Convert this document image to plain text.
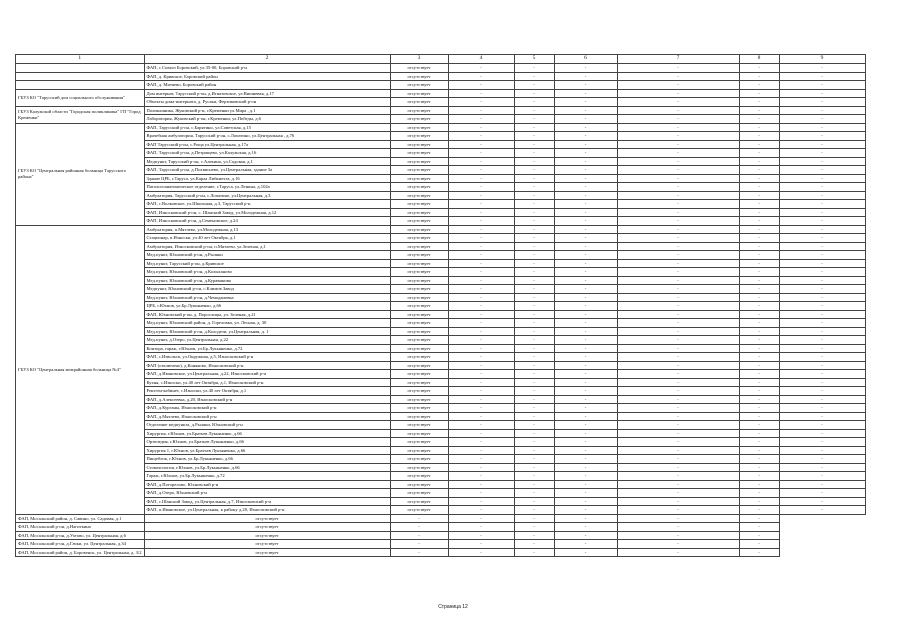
1	2	3	4	5	6	7	8	9
	ФАП, с.Совхоз Боровский, ул.35-00, Боровский р-н	отсутствует	-	-	-	-	-	-
	ФАП, д. Кривское, Боровский район	отсутствует	-	-	-	-	-	-
	ФАП, д. Митяево, Боровский район	отсутствует	-	-	-	-	-	-
ГБУЗ КО "Тарусский дом социального обслуживания"	Дом интернат, Тарусский р-он, д.Игнатовское, ул.Вишневая, д.17	отсутствует	-	-	-	-	-	-
	Объекты дома-интерната, д. Русаки, Ферзиковский р-он	отсутствует	-	-	-	-	-	-
ГБУЗ Калужской области "Городская поликлиника" ГП "Город Кременки"	Поликлиника, Жуковский р-н, г.Кременки ул.Мира , д.1	отсутствует	-	-	-	-	-	-
	Лаборатория, Жуковский р-он, г.Кременки, ул.Победы, д.6	отсутствует	-	-	-	-	-	-
ГБУЗ КО "Центральная районная больница Тарусского района"	ФАП, Тарусский р-он, с.Барятино, ул.Советская, д.15	отсутствует	-	-	-	-	-	-
	Врачебная амбулатория, Тарусский р-он, с.Лопатино, ул.Центральная , д.76	отсутствует	-	-	-	-	-	-
	ФАП Тарусский р-он, с.Роща ул.Центральная, д.17а	отсутствует	-	-	-	-	-	-
	ФАП, Тарусский р-он, д.Петрищево, ул.Калужская, д.16	отсутствует	-	-	-	-	-	-
	Медпункт, Тарусский р-он, с.Алекино, ул.Садовая, д.1	отсутствует	-	-	-	-	-	-
	ФАП, Тарусский р-он, д.Похвиснево, ул.Центральная, здание 3а	отсутствует	-	-	-	-	-	-
	Здание ЦРБ, г.Таруса, ул.Карла Либкнехта, д.16	отсутствует	-	-	-	-	-	-
	Патологоанатомическое отделение, г.Таруса, ул.Ленина, д.102а	отсутствует	-	-	-	-	-	-
	Амбулатория, Тарусский р-он, с.Лопатино, ул.Центральная, д.3	отсутствует	-	-	-	-	-	-
	ФАП, с.Волковское, ул.Школьная, д.3, Тарусский р-н	отсутствует	-	-	-	-	-	-
	ФАП, Износковский р-он, с. Шанский Завод, ул.Молодежная, д.12	отсутствует	-	-	-	-	-	-
	ФАП, Износковский р-он, д.Семеновское, д.24	отсутствует	-	-	-	-	-	-
ГБУЗ КО "Центральная межрайонная больница №4"	Амбулатория, п.Мятлево, ул.Молодежная, д.13	отсутствует	-	-	-	-	-	-
	Стационар, п.Износки, ул.40 лет Октября, д.1	отсутствует	-	-	-	-	-	-
	Амбулатория, Износковский р-он, п.Мятлево, ул.Зеленая, д.1	отсутствует	-	-	-	-	-	-
	Мед.пункт, Юхновский р-он, д.Рыляки	отсутствует	-	-	-	-	-	-
	Мед.пункт, Тарусский р-он, д.Кривское	отсутствует	-	-	-	-	-	-
	Мед.пункт, Юхновский р-он, д.Колыханово	отсутствует	-	-	-	-	-	-
	Мед.пункт, Юхновский р-он, д.Куравиново	отсутствует	-	-	-	-	-	-
	Медпункт, Юхновский р-он, с.Климов Завод	отсутствует	-	-	-	-	-	-
	Мед.пункт, Юхновский р-он, д.Чемодановка	отсутствует	-	-	-	-	-	-
	ЦРБ, г.Юхнов, ул.Бр.Лукьяненко, д.66	отсутствует	-	-	-	-	-	-
	ФАП, Юхновский р-он, д. Порослицы, ул. Зеленая, д.21	отсутствует	-	-	-	-	-	-
	Мед.пункт, Юхновский район, д. Гореловка, ул. Лесная, д. 30	отсутствует	-	-	-	-	-	-
	Мед.пункт, Юхновский р-он, д.Колодези, ул.Центральная, д. 1	отсутствует	-	-	-	-	-	-
	Мед.пункт, д.Озеро, ул.Центральная, д.22	отсутствует	-	-	-	-	-	-
	Контора, гараж, г.Юхнов, ул.Бр.Лукьяненко, д.72	отсутствует	-	-	-	-	-	-
	ФАП, с.Извольск, ул.Окружная, д.5, Износковский р-н	отсутствует	-	-	-	-	-	-
	ФАП (отключено), д.Коняково, Износковский р-н	отсутствует	-	-	-	-	-	-
	ФАП, д.Ивановское, ул.Центральная, д.22, Износковский р-н	отсутствует	-	-	-	-	-	-
	Кухня, с.Износки, ул.40 лет Октября, д.1, Износковский р-н	отсутствует	-	-	-	-	-	-
	Рентген-кабинет, с.Износки, ул.40 лет Октября, д.1	отсутствует	-	-	-	-	-	-
	ФАП, д.Алексеевка, д.20, Износковский р-н	отсутствует	-	-	-	-	-	-
	ФАП, д.Курганы, Износковский р-н	отсутствует	-	-	-	-	-	-
	ФАП, д.Мятлево, Износковский р-н	отсутствует	-	-	-	-	-	-
	Отделение медпункта, д.Рыляки, Юхновский р-н	отсутствует	-	-	-	-	-	-
	Хирургия, г.Юхнов, ул.Братьев Лукьяненко, д.66	отсутствует	-	-	-	-	-	-
	Ортопедия, г.Юхнов, ул.Братьев Лукьяненко, д.66	отсутствует	-	-	-	-	-	-
	Хирургия 1, г.Юхнов, ул.Братьев Лукьяненко, д.66	отсутствует	-	-	-	-	-	-
	Пищеблок, г.Юхнов, ул.Бр.Лукьяненко, д.66	отсутствует	-	-	-	-	-	-
	Стоматология, г.Юхнов, ул.Бр.Лукьяненко, д.66	отсутствует	-	-	-	-	-	-
	Гараж, г.Юхнов, ул.Бр.Лукьяненко, д.72	отсутствует	-	-	-	-	-	-
	ФАП, д.Погорелово, Юхновский р-н	отсутствует	-	-	-	-	-	-
	ФАП, д.Озеро, Юхновский р-н	отсутствует	-	-	-	-	-	-
	ФАП, с.Шанский Завод, ул.Центральная, д.7, Износковский р-н	отсутствует	-	-	-	-	-	-
	ФАП, п.Ивановское, ул.Центральная, к району д.20, Износковский р-н	отсутствует	-	-	-	-	-	-
ФАП, Мосальский район, д. Савино, ул. Садовая, д.1	отсутствует	-	-	-	-	-	-	
ФАП, Мосальский р-он, д.Нагиткино	отсутствует	-	-	-	-	-	-	
ФАП, Мосальский р-он, д.Ухтово, ул. Центральная, д.6	отсутствует	-	-	-	-	-	-	
ФАП, Мосальский р-он, д.Гачки, ул. Центральная, д.34	отсутствует	-	-	-	-	-	-	
ФАП, Мосальский район, д. Боровенск, ул. Центральная, д. 3/2	отсутствует	-	-	-	-	-	-	
Страница 12
